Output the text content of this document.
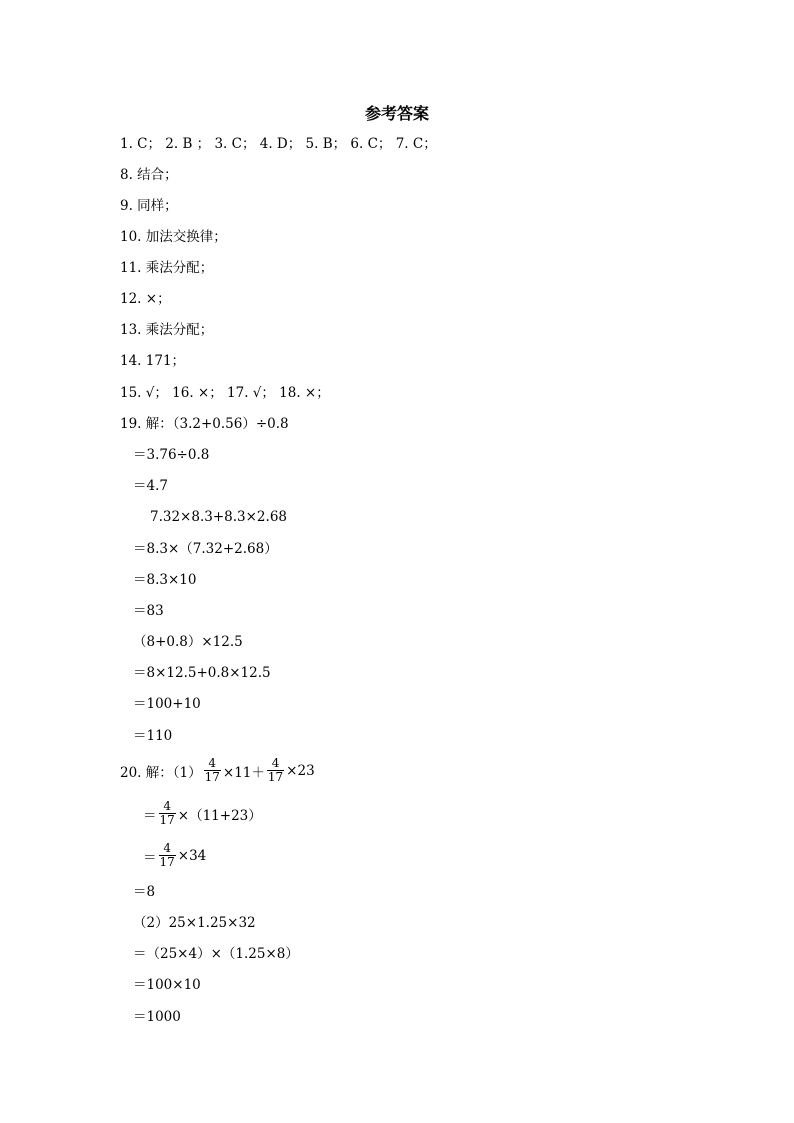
参考答案
1. C； 2. B ； 3. C； 4. D； 5. B； 6. C； 7. C；
8. 结合；
9. 同样；
10. 加法交换律；
11. 乘法分配；
12. ×；
13. 乘法分配；
14. 171；
15. √； 16. ×； 17. √； 18. ×；
19. 解：（3.2+0.56）÷0.8
＝3.76÷0.8
＝4.7
7.32×8.3+8.3×2.68
＝8.3×（7.32+2.68）
＝8.3×10
＝83
（8+0.8）×12.5
＝8×12.5+0.8×12.5
＝100+10
＝110
20. 解：$(1) \frac{4}{17} \times 11+ \frac{4}{17} \times 23$
＝ $\frac{4}{17} \times(11+23)$
＝ $\frac{4}{17} \times 34$
＝8
（2）25×1.25×32
＝（25×4）×（1.25×8）
＝100×10
＝1000
